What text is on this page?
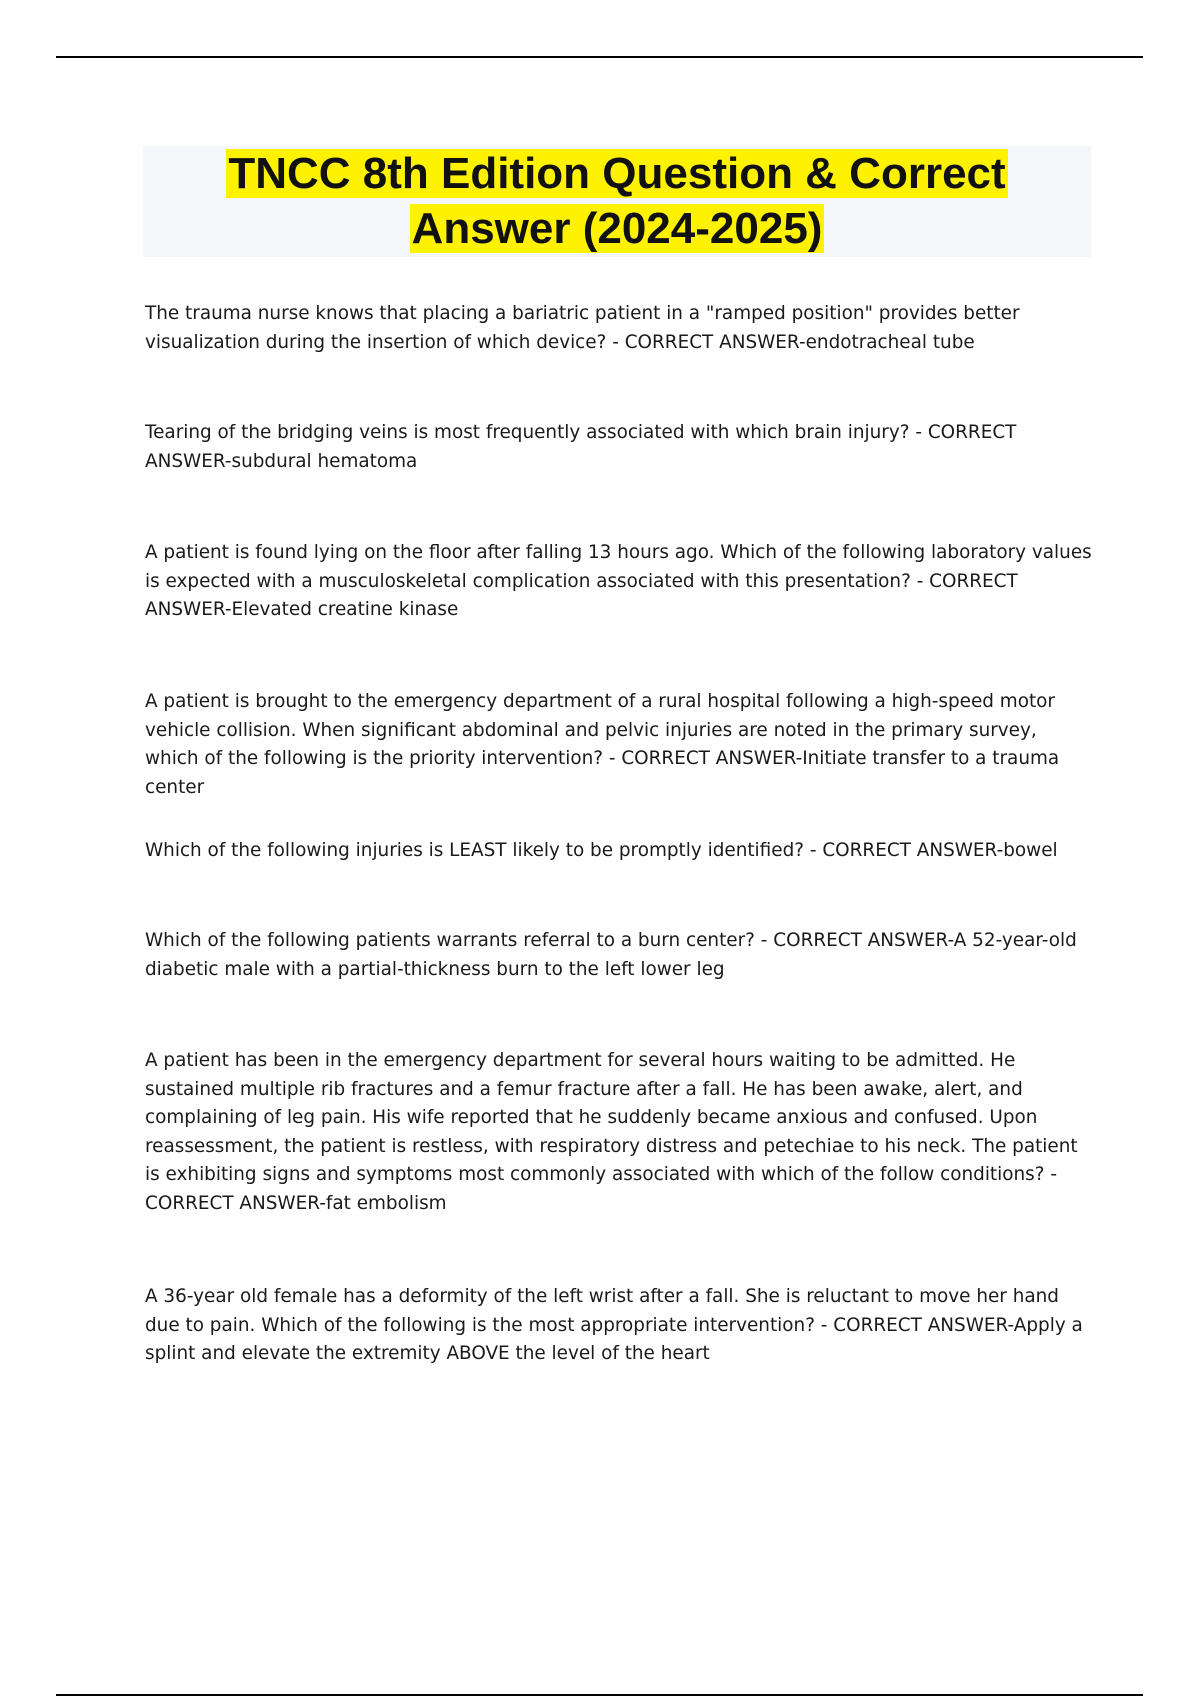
TNCC 8th Edition Question & Correct
Answer (2024-2025)

The trauma nurse knows that placing a bariatric patient in a "ramped position" provides better visualization during the insertion of which device? - CORRECT ANSWER-endotracheal tube

Tearing of the bridging veins is most frequently associated with which brain injury? - CORRECT ANSWER-subdural hematoma

A patient is found lying on the floor after falling 13 hours ago. Which of the following laboratory values is expected with a musculoskeletal complication associated with this presentation? - CORRECT ANSWER-Elevated creatine kinase

A patient is brought to the emergency department of a rural hospital following a high-speed motor vehicle collision. When significant abdominal and pelvic injuries are noted in the primary survey, which of the following is the priority intervention? - CORRECT ANSWER-Initiate transfer to a trauma center

Which of the following injuries is LEAST likely to be promptly identified? - CORRECT ANSWER-bowel

Which of the following patients warrants referral to a burn center? - CORRECT ANSWER-A 52-year-old diabetic male with a partial-thickness burn to the left lower leg

A patient has been in the emergency department for several hours waiting to be admitted. He sustained multiple rib fractures and a femur fracture after a fall. He has been awake, alert, and complaining of leg pain. His wife reported that he suddenly became anxious and confused. Upon reassessment, the patient is restless, with respiratory distress and petechiae to his neck. The patient is exhibiting signs and symptoms most commonly associated with which of the follow conditions? - CORRECT ANSWER-fat embolism

A 36-year old female has a deformity of the left wrist after a fall. She is reluctant to move her hand due to pain. Which of the following is the most appropriate intervention? - CORRECT ANSWER-Apply a splint and elevate the extremity ABOVE the level of the heart
